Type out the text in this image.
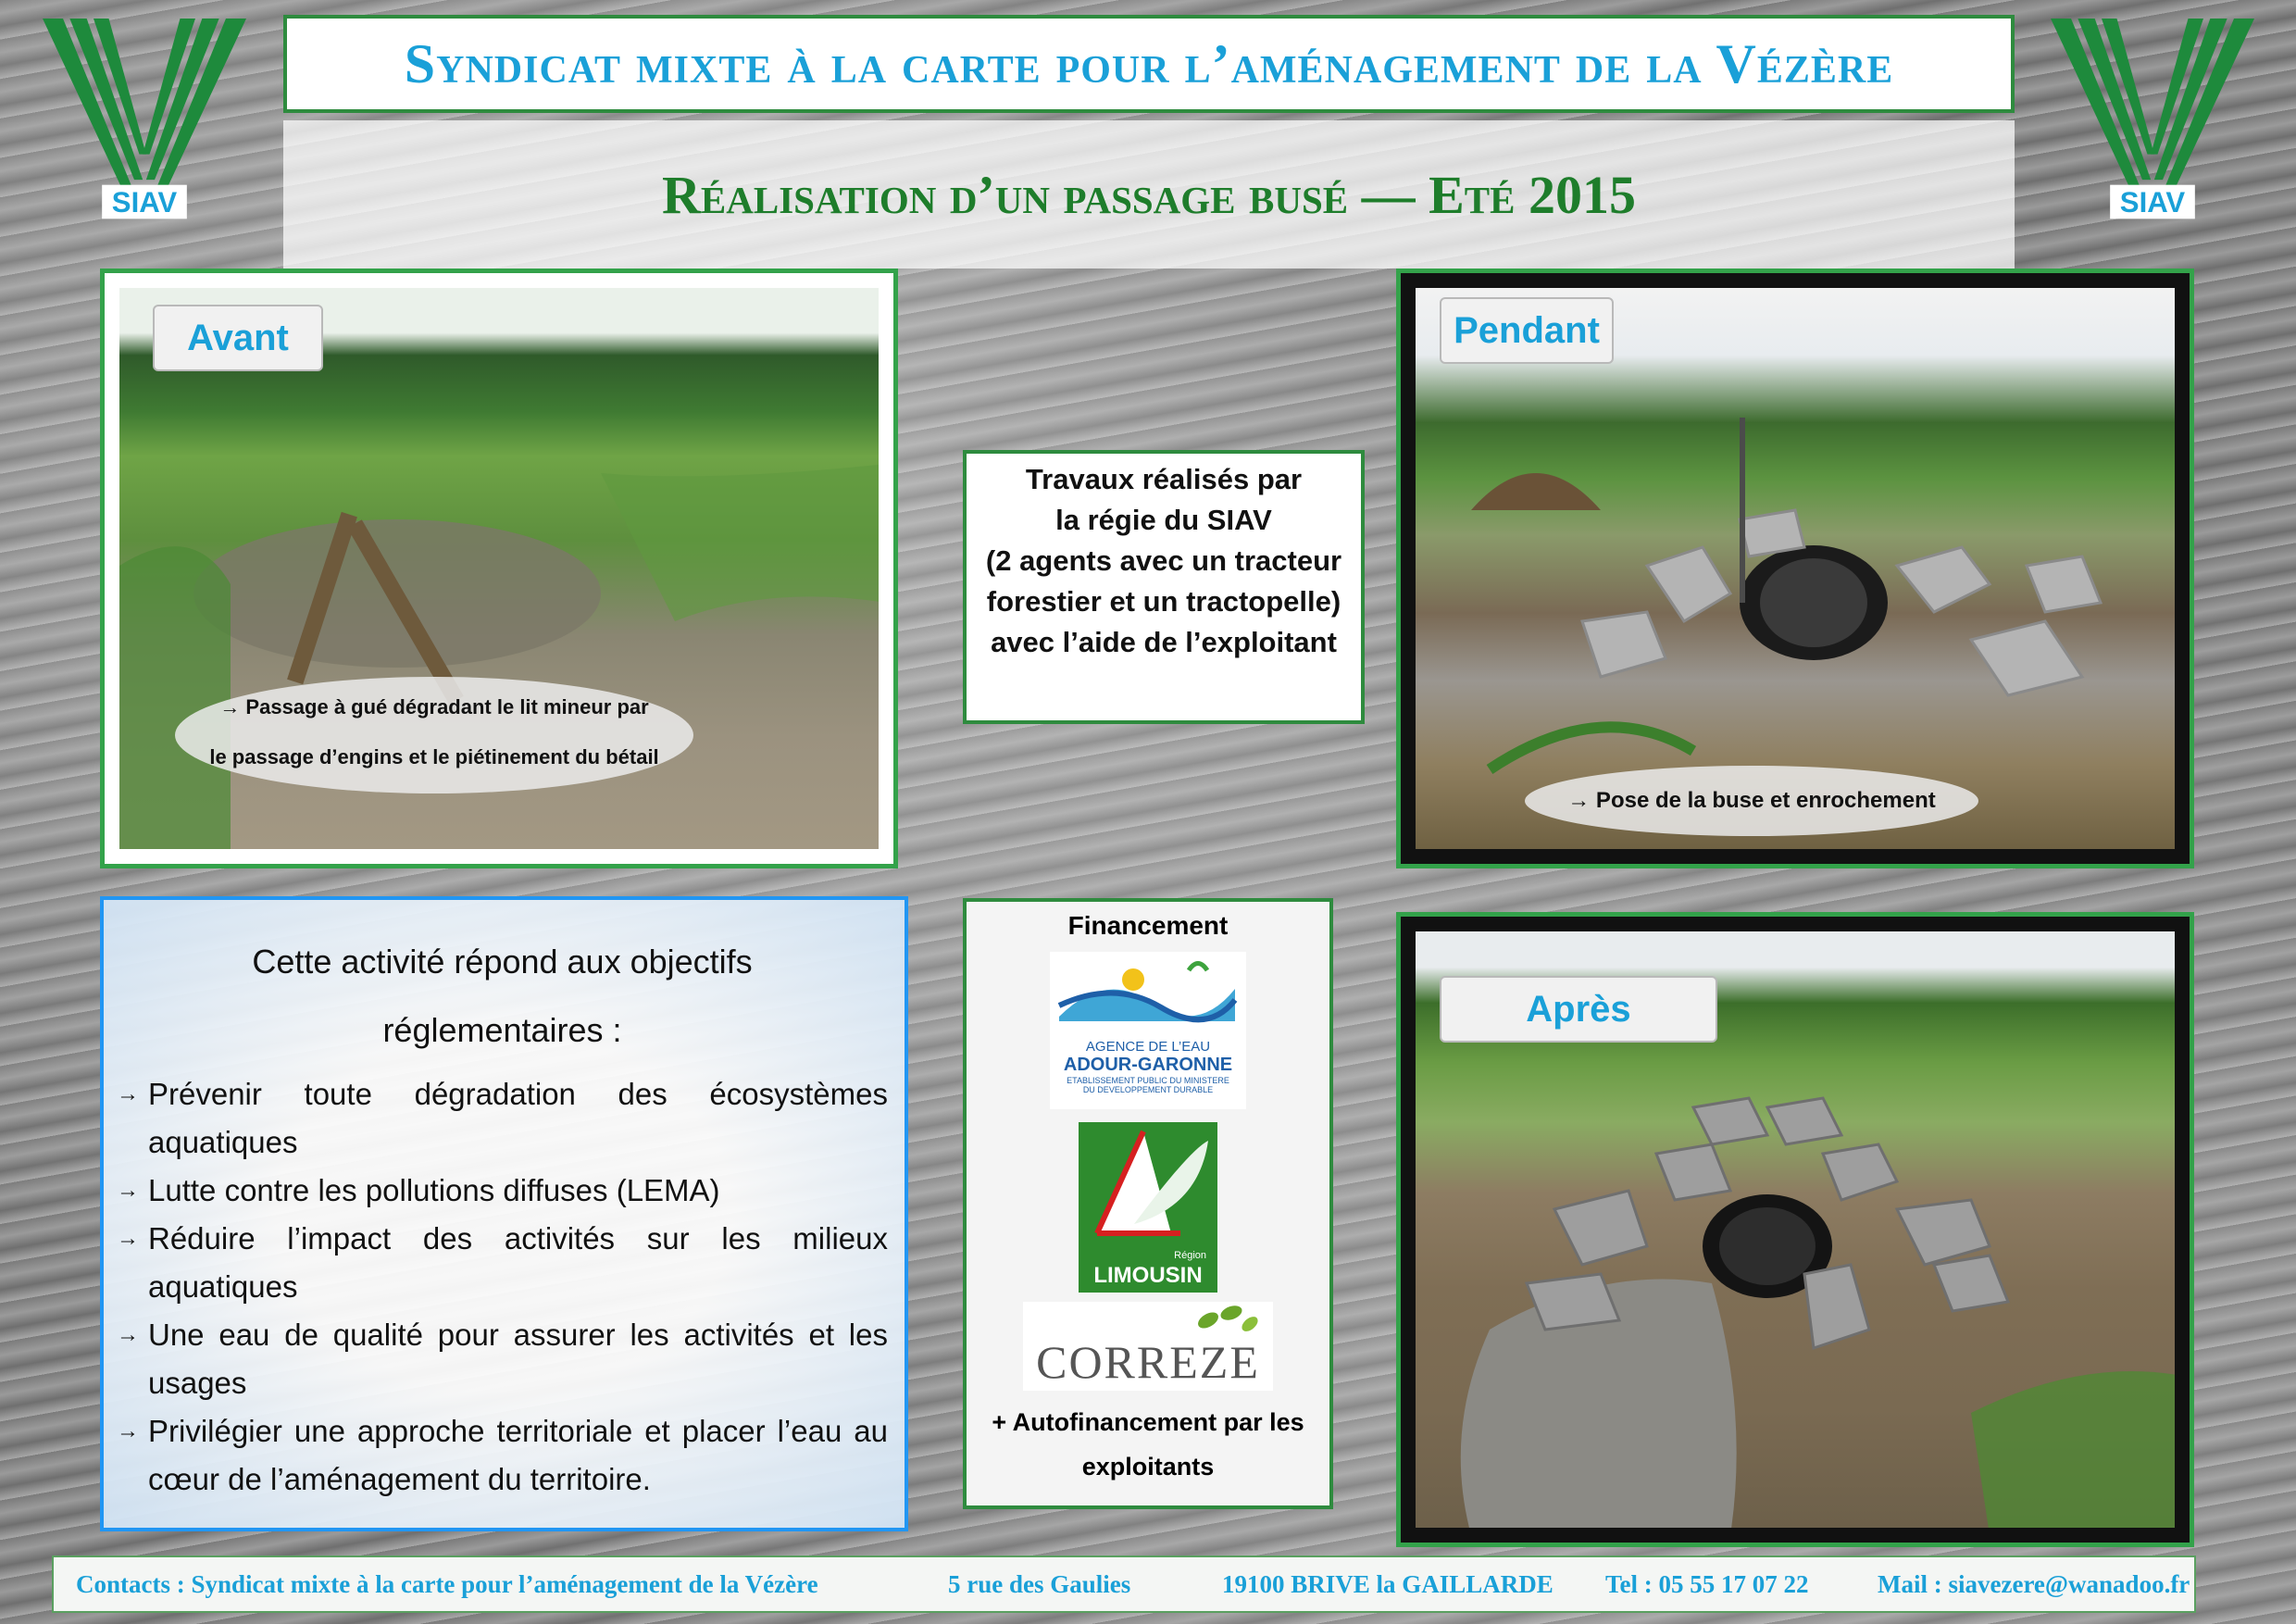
SIAV	SIAV
Syndicat mixte à la carte pour l’aménagement de la Vézère
Réalisation d’un passage busé — Eté 2015
Avant
→ Passage à gué dégradant le lit mineur par
le passage d’engins et le piétinement du bétail
Travaux réalisés par
la régie du SIAV
(2 agents avec un tracteur
forestier et un tractopelle)
avec l’aide de l’exploitant
Pendant
→ Pose de la buse et enrochement
Cette activité répond aux objectifs
réglementaires :
→ Prévenir toute dégradation des écosystèmes aquatiques
→ Lutte contre les pollutions diffuses (LEMA)
→ Réduire l’impact des activités sur les milieux aquatiques
→ Une eau de qualité pour assurer les activités et les usages
→ Privilégier une approche territoriale et placer l’eau au cœur de l’aménagement du territoire.
Financement
AGENCE DE L’EAU
ADOUR-GARONNE
ETABLISSEMENT PUBLIC DU MINISTERE
DU DEVELOPPEMENT DURABLE
Région
LIMOUSIN
CORREZE
+ Autofinancement par les
exploitants
Après
Contacts : Syndicat mixte à la carte pour l’aménagement de la Vézère	5 rue des Gaulies	19100 BRIVE la GAILLARDE Tel : 05 55 17 07 22	Mail : siavezere@wanadoo.fr
